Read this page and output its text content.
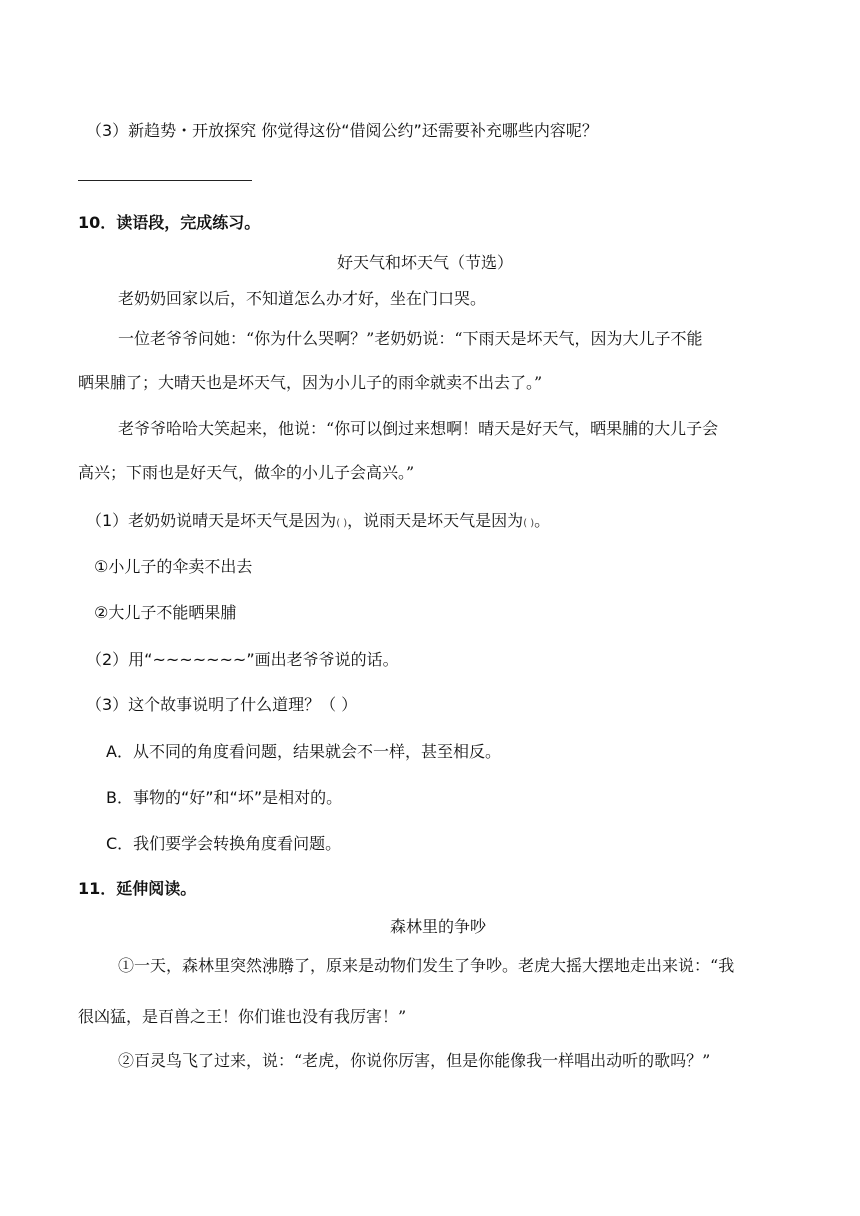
（3）新趋势・开放探究 你觉得这份“借阅公约”还需要补充哪些内容呢？
10．读语段，完成练习。
好天气和坏天气（节选）
老奶奶回家以后，不知道怎么办才好，坐在门口哭。
一位老爷爷问她：“你为什么哭啊？”老奶奶说：“下雨天是坏天气，因为大儿子不能
晒果脯了；大晴天也是坏天气，因为小儿子的雨伞就卖不出去了。”
老爷爷哈哈大笑起来，他说：“你可以倒过来想啊！晴天是好天气，晒果脯的大儿子会
高兴；下雨也是好天气，做伞的小儿子会高兴。”
（1）老奶奶说晴天是坏天气是因为( )，说雨天是坏天气是因为( )。
①小儿子的伞卖不出去
②大儿子不能晒果脯
（2）用“~~~~~~~”画出老爷爷说的话。
（3）这个故事说明了什么道理？（ ）
A．从不同的角度看问题，结果就会不一样，甚至相反。
B．事物的“好”和“坏”是相对的。
C．我们要学会转换角度看问题。
11．延伸阅读。
森林里的争吵
①一天，森林里突然沸腾了，原来是动物们发生了争吵。老虎大摇大摆地走出来说：“我
很凶猛，是百兽之王！你们谁也没有我厉害！”
②百灵鸟飞了过来，说：“老虎，你说你厉害，但是你能像我一样唱出动听的歌吗？”
